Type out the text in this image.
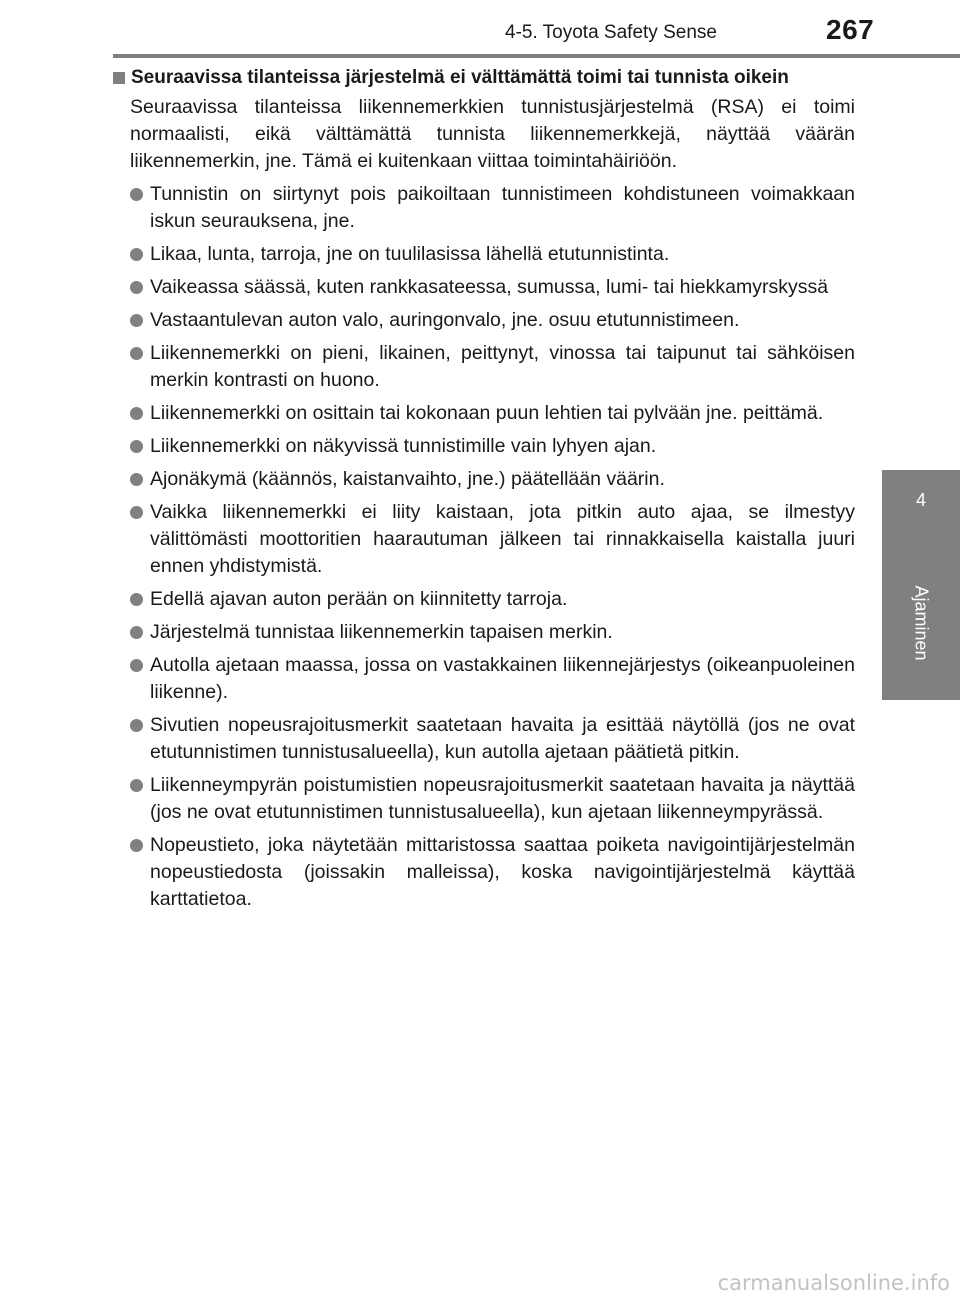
4-5. Toyota Safety Sense	267
4
Ajaminen
Seuraavissa tilanteissa järjestelmä ei välttämättä toimi tai tunnista oikein
Seuraavissa tilanteissa liikennemerkkien tunnistusjärjestelmä (RSA) ei toimi normaalisti, eikä välttämättä tunnista liikennemerkkejä, näyttää väärän liikennemerkin, jne. Tämä ei kuitenkaan viittaa toimintahäiriöön.
Tunnistin on siirtynyt pois paikoiltaan tunnistimeen kohdistuneen voimakkaan iskun seurauksena, jne.
Likaa, lunta, tarroja, jne on tuulilasissa lähellä etutunnistinta.
Vaikeassa säässä, kuten rankkasateessa, sumussa, lumi- tai hiekkamyrskyssä
Vastaantulevan auton valo, auringonvalo, jne. osuu etutunnistimeen.
Liikennemerkki on pieni, likainen, peittynyt, vinossa tai taipunut tai sähköisen merkin kontrasti on huono.
Liikennemerkki on osittain tai kokonaan puun lehtien tai pylvään jne. peittämä.
Liikennemerkki on näkyvissä tunnistimille vain lyhyen ajan.
Ajonäkymä (käännös, kaistanvaihto, jne.) päätellään väärin.
Vaikka liikennemerkki ei liity kaistaan, jota pitkin auto ajaa, se ilmestyy välittömästi moottoritien haarautuman jälkeen tai rinnakkaisella kaistalla juuri ennen yhdistymistä.
Edellä ajavan auton perään on kiinnitetty tarroja.
Järjestelmä tunnistaa liikennemerkin tapaisen merkin.
Autolla ajetaan maassa, jossa on vastakkainen liikennejärjestys (oikeanpuoleinen liikenne).
Sivutien nopeusrajoitusmerkit saatetaan havaita ja esittää näytöllä (jos ne ovat etutunnistimen tunnistusalueella), kun autolla ajetaan päätietä pitkin.
Liikenneympyrän poistumistien nopeusrajoitusmerkit saatetaan havaita ja näyttää (jos ne ovat etutunnistimen tunnistusalueella), kun ajetaan liikenneympyrässä.
Nopeustieto, joka näytetään mittaristossa saattaa poiketa navigointijärjestelmän nopeustiedosta (joissakin malleissa), koska navigointijärjestelmä käyttää karttatietoa.
carmanualsonline.info
